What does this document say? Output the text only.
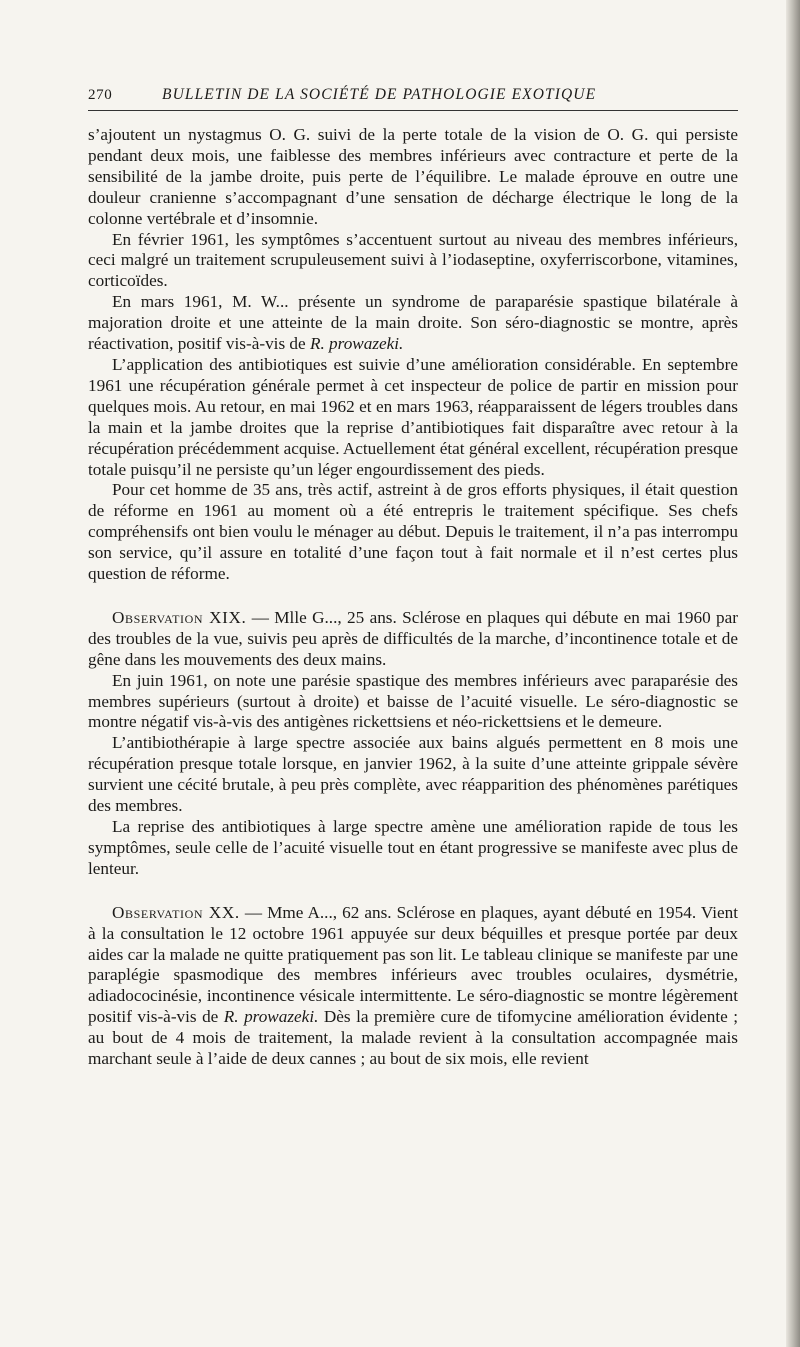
270	BULLETIN DE LA SOCIÉTÉ DE PATHOLOGIE EXOTIQUE

s’ajoutent un nystagmus O. G. suivi de la perte totale de la vision de O. G. qui persiste pendant deux mois, une faiblesse des membres inférieurs avec contracture et perte de la sensibilité de la jambe droite, puis perte de l’équilibre. Le malade éprouve en outre une douleur cranienne s’accompagnant d’une sensation de décharge électrique le long de la colonne vertébrale et d’insomnie.

En février 1961, les symptômes s’accentuent surtout au niveau des membres inférieurs, ceci malgré un traitement scrupuleusement suivi à l’iodaseptine, oxyferriscorbone, vitamines, corticoïdes.

En mars 1961, M. W... présente un syndrome de paraparésie spastique bilatérale à majoration droite et une atteinte de la main droite. Son séro-diagnostic se montre, après réactivation, positif vis-à-vis de R. prowazeki.

L’application des antibiotiques est suivie d’une amélioration considérable. En septembre 1961 une récupération générale permet à cet inspecteur de police de partir en mission pour quelques mois. Au retour, en mai 1962 et en mars 1963, réapparaissent de légers troubles dans la main et la jambe droites que la reprise d’antibiotiques fait disparaître avec retour à la récupération précédemment acquise. Actuellement état général excellent, récupération presque totale puisqu’il ne persiste qu’un léger engourdissement des pieds.

Pour cet homme de 35 ans, très actif, astreint à de gros efforts physiques, il était question de réforme en 1961 au moment où a été entrepris le traitement spécifique. Ses chefs compréhensifs ont bien voulu le ménager au début. Depuis le traitement, il n’a pas interrompu son service, qu’il assure en totalité d’une façon tout à fait normale et il n’est certes plus question de réforme.

Observation XIX. — Mlle G..., 25 ans. Sclérose en plaques qui débute en mai 1960 par des troubles de la vue, suivis peu après de difficultés de la marche, d’incontinence totale et de gêne dans les mouvements des deux mains.

En juin 1961, on note une parésie spastique des membres inférieurs avec paraparésie des membres supérieurs (surtout à droite) et baisse de l’acuité visuelle. Le séro-diagnostic se montre négatif vis-à-vis des antigènes rickettsiens et néo-rickettsiens et le demeure.

L’antibiothérapie à large spectre associée aux bains algués permettent en 8 mois une récupération presque totale lorsque, en janvier 1962, à la suite d’une atteinte grippale sévère survient une cécité brutale, à peu près complète, avec réapparition des phénomènes parétiques des membres.

La reprise des antibiotiques à large spectre amène une amélioration rapide de tous les symptômes, seule celle de l’acuité visuelle tout en étant progressive se manifeste avec plus de lenteur.

Observation XX. — Mme A..., 62 ans. Sclérose en plaques, ayant débuté en 1954. Vient à la consultation le 12 octobre 1961 appuyée sur deux béquilles et presque portée par deux aides car la malade ne quitte pratiquement pas son lit. Le tableau clinique se manifeste par une paraplégie spasmodique des membres inférieurs avec troubles oculaires, dysmétrie, adiadococinésie, incontinence vésicale intermittente. Le séro-diagnostic se montre légèrement positif vis-à-vis de R. prowazeki. Dès la première cure de tifomycine amélioration évidente ; au bout de 4 mois de traitement, la malade revient à la consultation accompagnée mais marchant seule à l’aide de deux cannes ; au bout de six mois, elle revient
